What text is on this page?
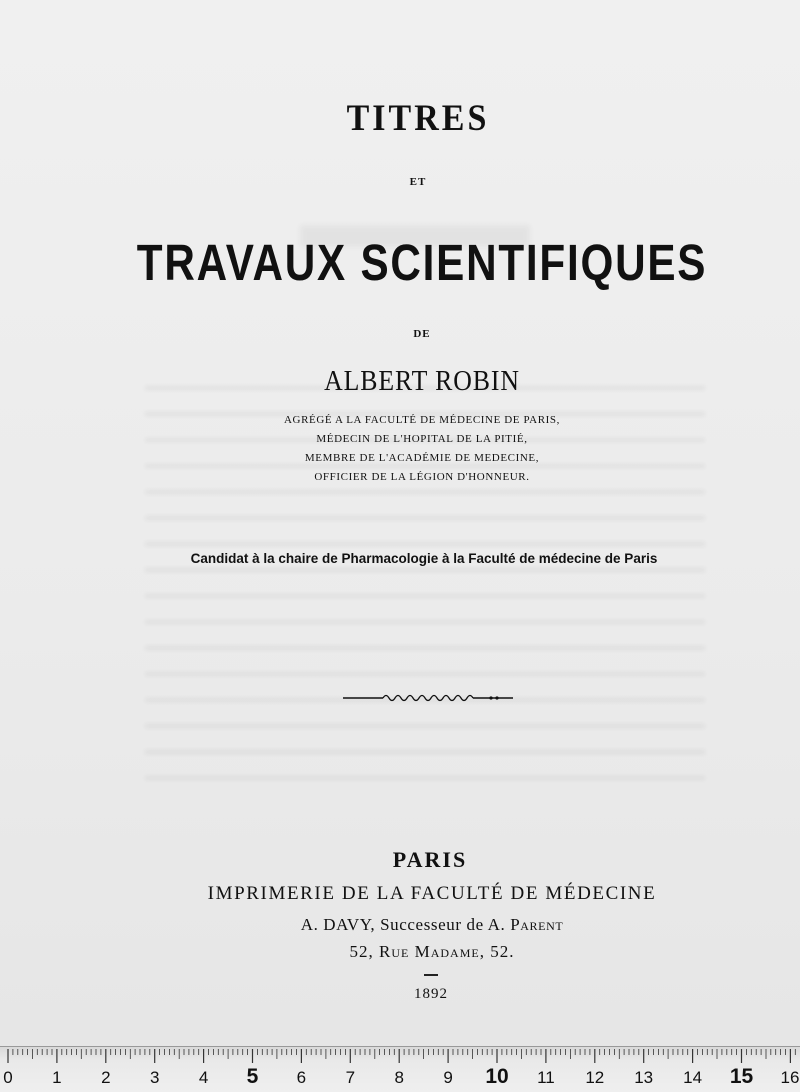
TITRES
ET
TRAVAUX SCIENTIFIQUES
DE
ALBERT ROBIN
AGRÉGÉ A LA FACULTÉ DE MÉDECINE DE PARIS,
MÉDECIN DE L'HOPITAL DE LA PITIÉ,
MEMBRE DE L'ACADÉMIE DE MEDECINE,
OFFICIER DE LA LÉGION D'HONNEUR.
Candidat à la chaire de Pharmacologie à la Faculté de médecine de Paris
PARIS
IMPRIMERIE DE LA FACULTÉ DE MÉDECINE
A. DAVY, Successeur de A. Parent
52, Rue Madame, 52.
1892
0 1 2 3 4 5 6 7 8 9 10 11 12 13 14 15 16
